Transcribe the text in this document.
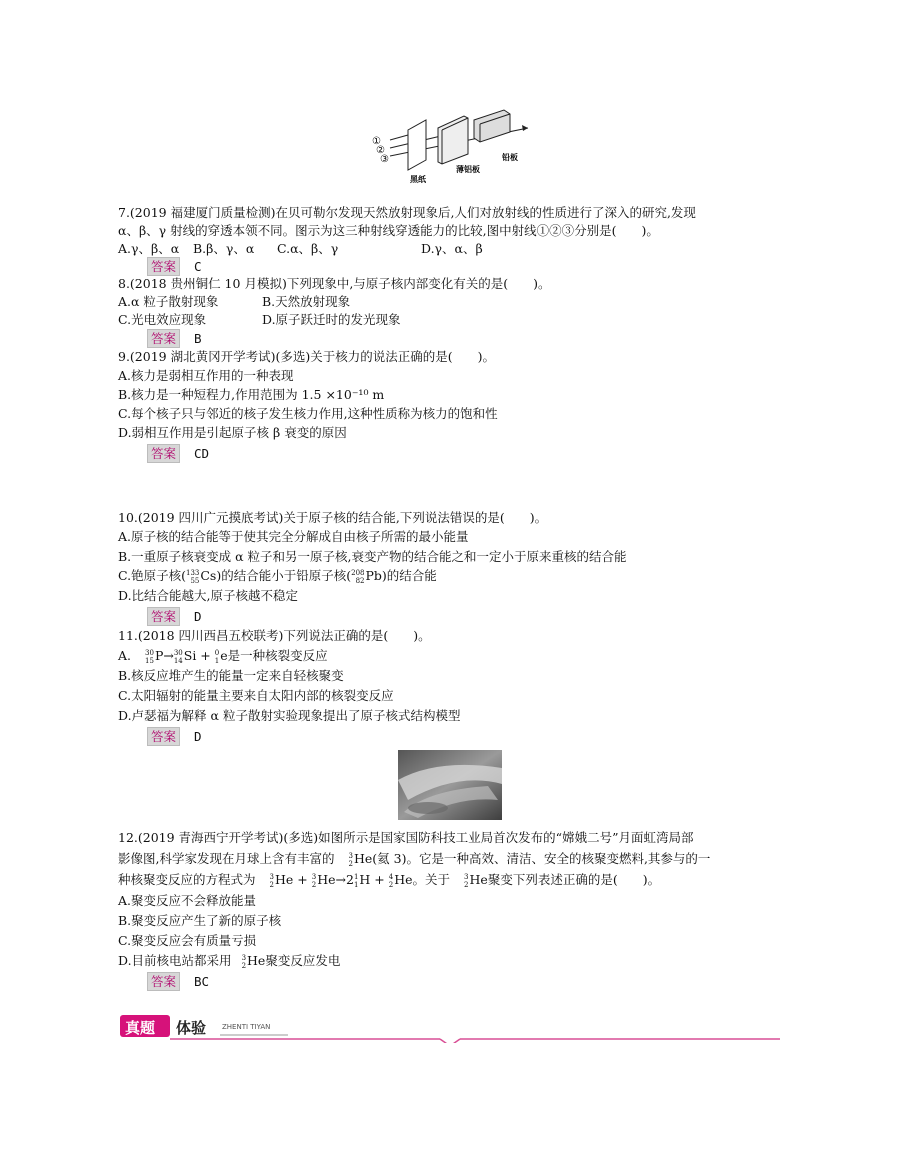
①
②
③
黑纸
薄铝板
铅板
7.(2019 福建厦门质量检测)在贝可勒尔发现天然放射现象后,人们对放射线的性质进行了深入的研究,发现
α、β、γ 射线的穿透本领不同。图示为这三种射线穿透能力的比较,图中射线①②③分别是(　　)。
A.γ、β、α B.β、γ、α C.α、β、γ	D.γ、α、β
答案	C
8.(2018 贵州铜仁 10 月模拟)下列现象中,与原子核内部变化有关的是(　　)。
A.α 粒子散射现象	B.天然放射现象
C.光电效应现象	D.原子跃迁时的发光现象
答案	B
9.(2019 湖北黄冈开学考试)(多选)关于核力的说法正确的是(　　)。
A.核力是弱相互作用的一种表现
B.核力是一种短程力,作用范围为 1.5 ×10⁻¹⁰ m
C.每个核子只与邻近的核子发生核力作用,这种性质称为核力的饱和性
D.弱相互作用是引起原子核 β 衰变的原因
答案	CD
10.(2019 四川广元摸底考试)关于原子核的结合能,下列说法错误的是(　　)。
A.原子核的结合能等于使其完全分解成自由核子所需的最小能量
B.一重原子核衰变成 α 粒子和另一原子核,衰变产物的结合能之和一定小于原来重核的结合能
C.铯原子核( 133
55 Cs)的结合能小于铅原子核( 208
82 Pb)的结合能
D.比结合能越大,原子核越不稳定
答案	D
11.(2018 四川西昌五校联考)下列说法正确的是(　　)。
A. 30
15 P→ 30
14 Si + 0
1 e是一种核裂变反应
B.核反应堆产生的能量一定来自轻核聚变
C.太阳辐射的能量主要来自太阳内部的核裂变反应
D.卢瑟福为解释 α 粒子散射实验现象提出了原子核式结构模型
答案	D
12.(2019 青海西宁开学考试)(多选)如图所示是国家国防科技工业局首次发布的“嫦娥二号”月面虹湾局部
影像图,科学家发现在月球上含有丰富的 3
2 He(氦 3)。它是一种高效、清洁、安全的核聚变燃料,其参与的一
种核聚变反应的方程式为 3
2 He + 3
2 He→2 1
1 H + 4
2 He。关于 3
2 He聚变下列表述正确的是(　　)。
A.聚变反应不会释放能量
B.聚变反应产生了新的原子核
C.聚变反应会有质量亏损
D.目前核电站都采用 3
2 He聚变反应发电
答案	BC
真题 体验 ZHENTI TIYAN
